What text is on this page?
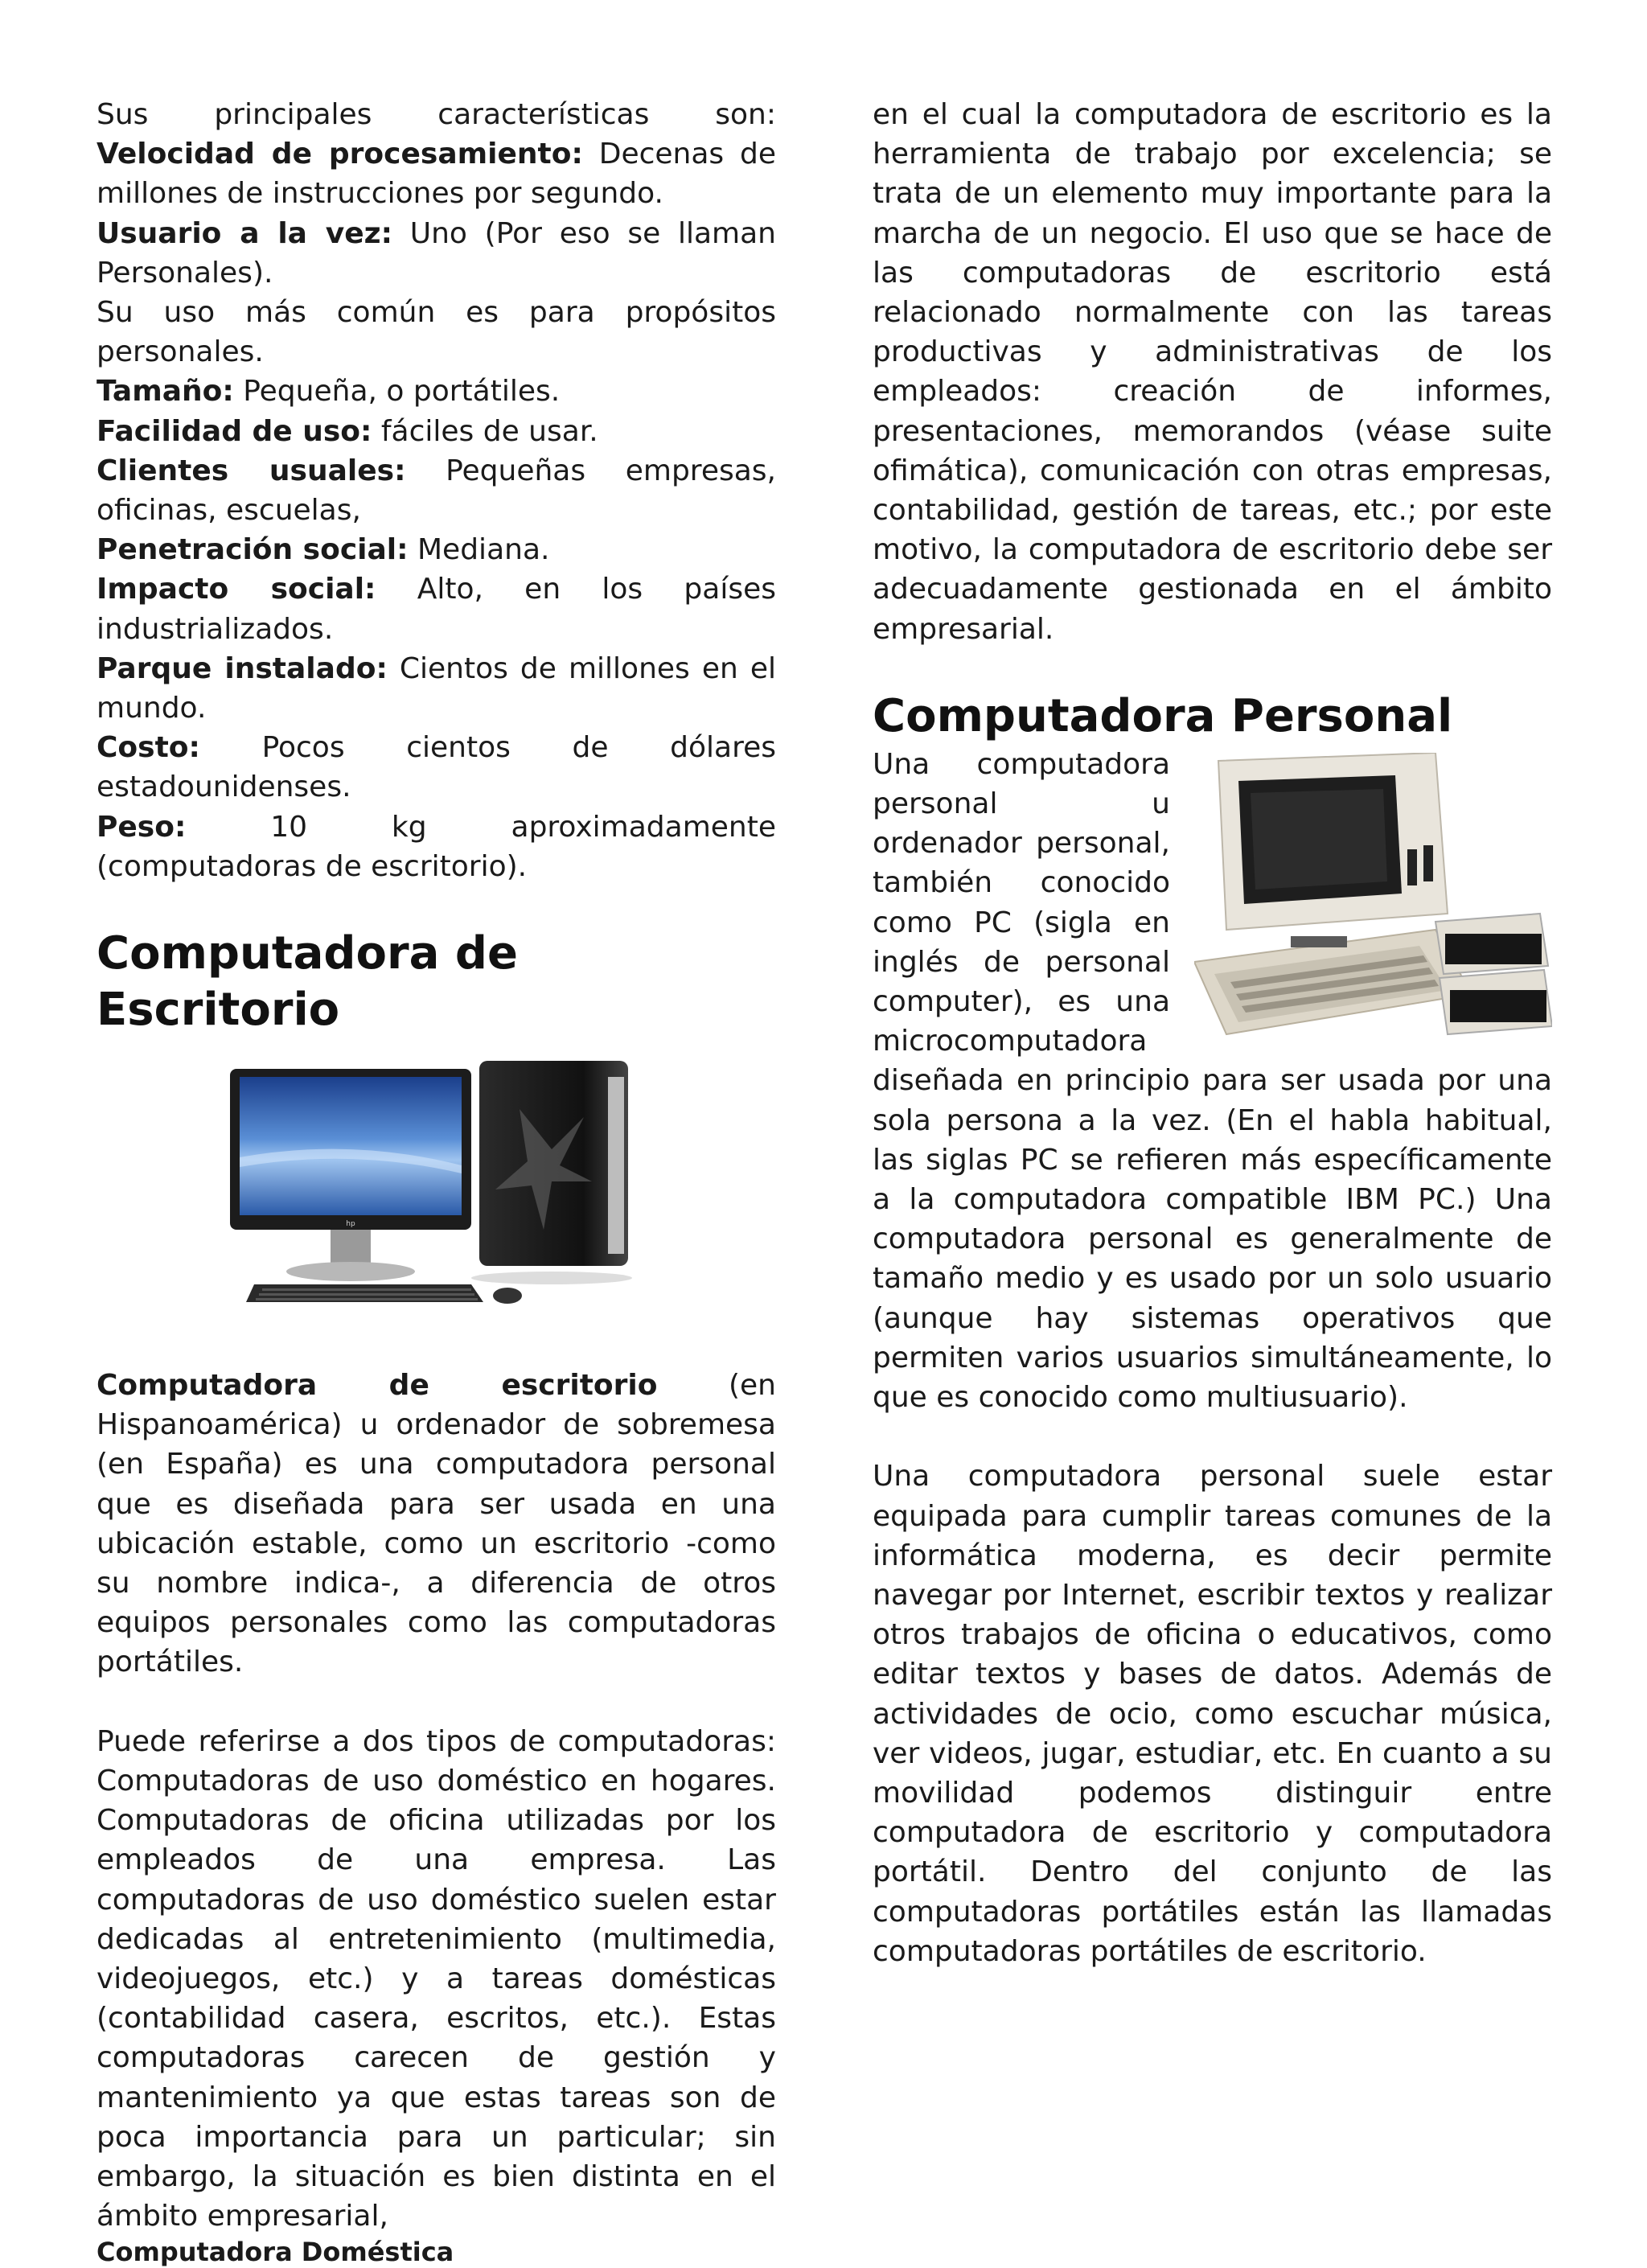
Sus principales características son:

Velocidad de procesamiento: Decenas de millones de instrucciones por segundo.

Usuario a la vez: Uno (Por eso se llaman Personales).

Su uso más común es para propósitos personales.

Tamaño: Pequeña, o portátiles.

Facilidad de uso: fáciles de usar.

Clientes usuales: Pequeñas empresas, oficinas, escuelas,

Penetración social: Mediana.

Impacto social: Alto, en los países industrializados.

Parque instalado: Cientos de millones en el mundo.

Costo: Pocos cientos de dólares estadounidenses.

Peso:	10 kg aproximadamente (computadoras de escritorio).

Computadora de Escritorio
hp

Computadora de escritorio (en Hispanoamérica) u ordenador de sobremesa (en España) es una computadora personal que es diseñada para ser usada en una ubicación estable, como un escritorio -como su nombre indica-, a diferencia de otros equipos personales como las computadoras portátiles.

Puede referirse a dos tipos de computadoras: Computadoras de uso doméstico en hogares. Computadoras de oficina utilizadas por los empleados de una empresa. Las computadoras de uso doméstico suelen estar dedicadas al entretenimiento (multimedia, videojuegos, etc.) y a tareas domésticas (contabilidad casera, escritos, etc.). Estas computadoras carecen de gestión y mantenimiento ya que estas tareas son de poca importancia para un particular; sin embargo, la situación es bien distinta en el ámbito empresarial,

Computadora Doméstica

en el cual la computadora de escritorio es la herramienta de trabajo por excelencia; se trata de un elemento muy importante para la marcha de un negocio. El uso que se hace de las computadoras de escritorio está relacionado normalmente con las tareas productivas y administrativas de los empleados: creación de informes, presentaciones, memorandos (véase suite ofimática), comunicación con otras empresas, contabilidad, gestión de tareas, etc.; por este motivo, la computadora de escritorio debe ser adecuadamente gestionada en el ámbito empresarial.

Computadora Personal

Una computadora personal u ordenador personal, también conocido como PC (sigla en inglés de personal computer), es una microcomputadora diseñada en principio para ser usada por una sola persona a la vez. (En el habla habitual, las siglas PC se refieren más específicamente a la computadora compatible IBM PC.) Una computadora personal es generalmente de tamaño medio y es usado por un solo usuario (aunque hay sistemas operativos que permiten varios usuarios simultáneamente, lo que es conocido como multiusuario).

Una computadora personal suele estar equipada para cumplir tareas comunes de la informática moderna, es decir permite navegar por Internet, escribir textos y realizar otros trabajos de oficina o educativos, como editar textos y bases de datos. Además de actividades de ocio, como escuchar música, ver videos, jugar, estudiar, etc. En cuanto a su movilidad podemos distinguir entre computadora de escritorio y computadora portátil. Dentro del conjunto de las computadoras portátiles están las llamadas computadoras portátiles de escritorio.
